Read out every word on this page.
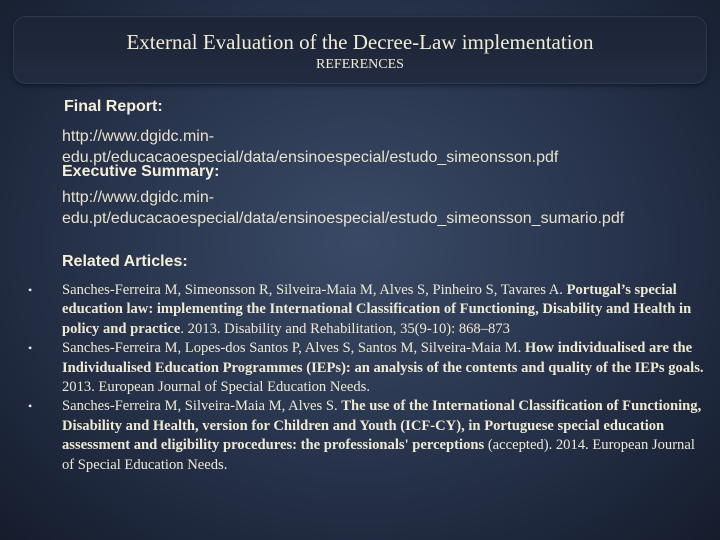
External Evaluation of the Decree-Law implementation
REFERENCES
Final Report:
http://www.dgidc.min-edu.pt/educacaoespecial/data/ensinoespecial/estudo_simeonsson.pdf
Executive Summary:
http://www.dgidc.min-edu.pt/educacaoespecial/data/ensinoespecial/estudo_simeonsson_sumario.pdf
Related Articles:
• Sanches-Ferreira M, Simeonsson R, Silveira-Maia M, Alves S, Pinheiro S, Tavares A. Portugal’s special education law: implementing the International Classification of Functioning, Disability and Health in policy and practice. 2013. Disability and Rehabilitation, 35(9-10): 868–873
• Sanches-Ferreira M, Lopes-dos Santos P, Alves S, Santos M, Silveira-Maia M. How individualised are the Individualised Education Programmes (IEPs): an analysis of the contents and quality of the IEPs goals. 2013. European Journal of Special Education Needs.
• Sanches-Ferreira M, Silveira-Maia M, Alves S. The use of the International Classification of Functioning, Disability and Health, version for Children and Youth (ICF-CY), in Portuguese special education assessment and eligibility procedures: the professionals' perceptions (accepted). 2014. European Journal of Special Education Needs.
